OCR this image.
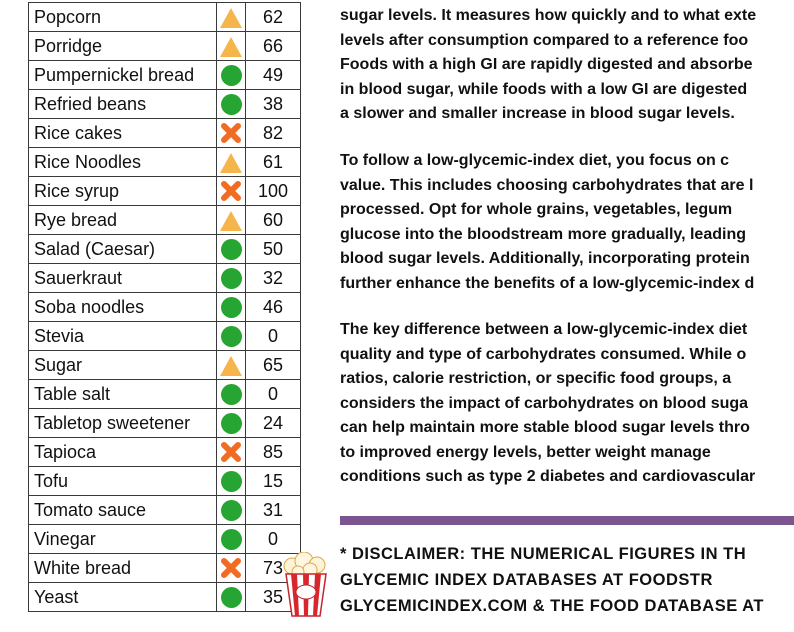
Popcorn		62
Porridge		66
Pumpernickel bread		49
Refried beans		38
Rice cakes		82
Rice Noodles		61
Rice syrup		100
Rye bread		60
Salad (Caesar)		50
Sauerkraut		32
Soba noodles		46
Stevia		0
Sugar		65
Table salt		0
Tabletop sweetener		24
Tapioca		85
Tofu		15
Tomato sauce		31
Vinegar		0
White bread		73
Yeast		35
sugar levels. It measures how quickly and to what exte
levels after consumption compared to a reference foo
Foods with a high GI are rapidly digested and absorbe
in blood sugar, while foods with a low GI are digested
a slower and smaller increase in blood sugar levels.
To follow a low-glycemic-index diet, you focus on c
value. This includes choosing carbohydrates that are l
processed. Opt for whole grains, vegetables, legum
glucose into the bloodstream more gradually, leading
blood sugar levels. Additionally, incorporating protein
further enhance the benefits of a low-glycemic-index d
The key difference between a low-glycemic-index diet
quality and type of carbohydrates consumed. While o
ratios, calorie restriction, or specific food groups, a
considers the impact of carbohydrates on blood suga
can help maintain more stable blood sugar levels thro
to improved energy levels, better weight manage
conditions such as type 2 diabetes and cardiovascular
* DISCLAIMER: THE NUMERICAL FIGURES IN TH
GLYCEMIC INDEX DATABASES AT FOODSTR
GLYCEMICINDEX.COM & THE FOOD DATABASE AT
